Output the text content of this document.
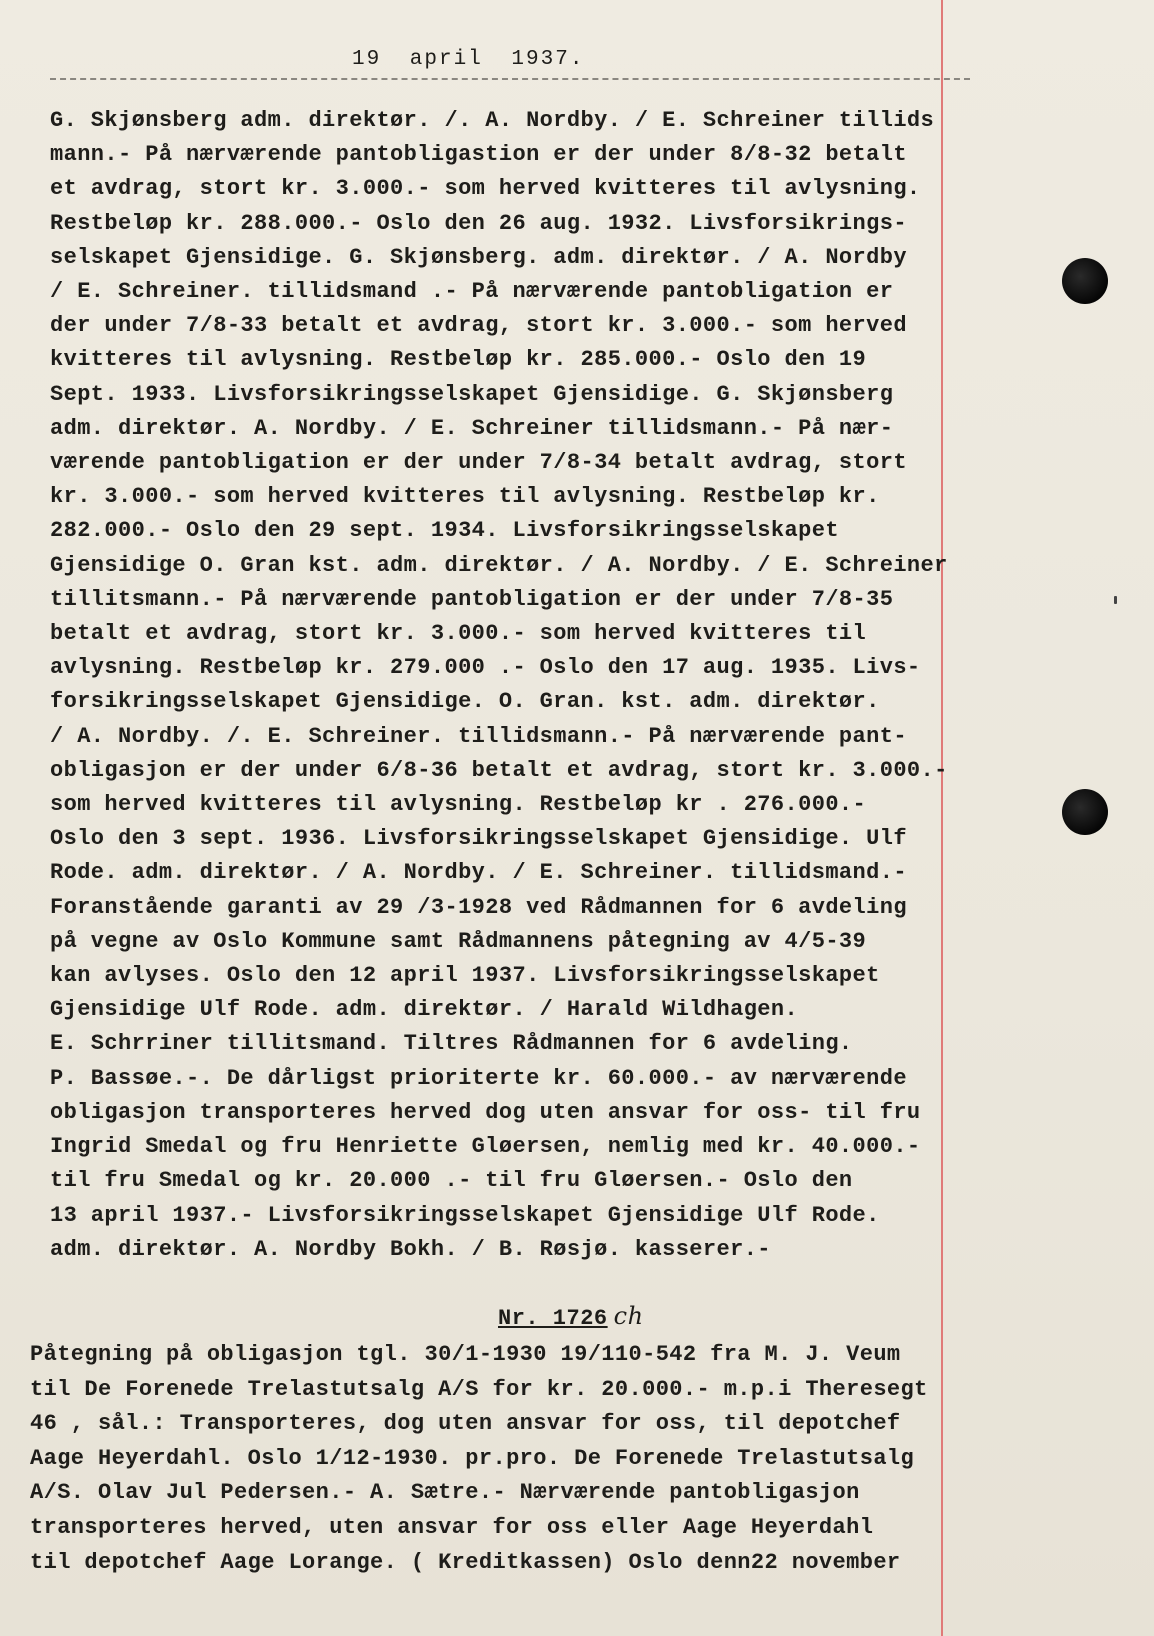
19 april 1937.
G. Skjønsberg adm. direktør. /. A. Nordby. / E. Schreiner tillids
mann.- På nærværende pantobligastion er der under 8/8-32 betalt
et avdrag, stort kr. 3.000.- som herved kvitteres til avlysning.
Restbeløp kr. 288.000.- Oslo den 26 aug. 1932. Livsforsikrings-
selskapet Gjensidige. G. Skjønsberg. adm. direktør. / A. Nordby
/ E. Schreiner. tillidsmand .- På nærværende pantobligation er
der under 7/8-33 betalt et avdrag, stort kr. 3.000.- som herved
kvitteres til avlysning. Restbeløp kr. 285.000.- Oslo den 19
Sept. 1933. Livsforsikringsselskapet Gjensidige. G. Skjønsberg
adm. direktør. A. Nordby. / E. Schreiner tillidsmann.- På nær-
værende pantobligation er der under 7/8-34 betalt avdrag, stort
kr. 3.000.- som herved kvitteres til avlysning. Restbeløp kr.
282.000.- Oslo den 29 sept. 1934. Livsforsikringsselskapet
Gjensidige O. Gran kst. adm. direktør. / A. Nordby. / E. Schreiner
tillitsmann.- På nærværende pantobligation er der under 7/8-35
betalt et avdrag, stort kr. 3.000.- som herved kvitteres til
avlysning. Restbeløp kr. 279.000 .- Oslo den 17 aug. 1935. Livs-
forsikringsselskapet Gjensidige. O. Gran. kst. adm. direktør.
/ A. Nordby. /. E. Schreiner. tillidsmann.- På nærværende pant-
obligasjon er der under 6/8-36 betalt et avdrag, stort kr. 3.000.-
som herved kvitteres til avlysning. Restbeløp kr . 276.000.-
Oslo den 3 sept. 1936. Livsforsikringsselskapet Gjensidige. Ulf
Rode. adm. direktør. / A. Nordby. / E. Schreiner. tillidsmand.-
Foranstående garanti av 29 /3-1928 ved Rådmannen for 6 avdeling
på vegne av Oslo Kommune samt Rådmannens påtegning av 4/5-39
kan avlyses. Oslo den 12 april 1937. Livsforsikringsselskapet
Gjensidige Ulf Rode. adm. direktør. / Harald Wildhagen.
E. Schrriner tillitsmand. Tiltres Rådmannen for 6 avdeling.
P. Bassøe.-. De dårligst prioriterte kr. 60.000.- av nærværende
obligasjon transporteres herved dog uten ansvar for oss- til fru
Ingrid Smedal og fru Henriette Gløersen, nemlig med kr. 40.000.-
til fru Smedal og kr. 20.000 .- til fru Gløersen.- Oslo den
13 april 1937.- Livsforsikringsselskapet Gjensidige Ulf Rode.
adm. direktør. A. Nordby Bokh. / B. Røsjø. kasserer.-
Nr. 1726 ch
Påtegning på obligasjon tgl. 30/1-1930 19/110-542 fra M. J. Veum
til De Forenede Trelastutsalg A/S for kr. 20.000.- m.p.i Theresegt
46 , sål.: Transporteres, dog uten ansvar for oss, til depotchef
Aage Heyerdahl. Oslo 1/12-1930. pr.pro. De Forenede Trelastutsalg
A/S. Olav Jul Pedersen.- A. Sætre.- Nærværende pantobligasjon
transporteres herved, uten ansvar for oss eller Aage Heyerdahl
til depotchef Aage Lorange. ( Kreditkassen) Oslo denn22 november
